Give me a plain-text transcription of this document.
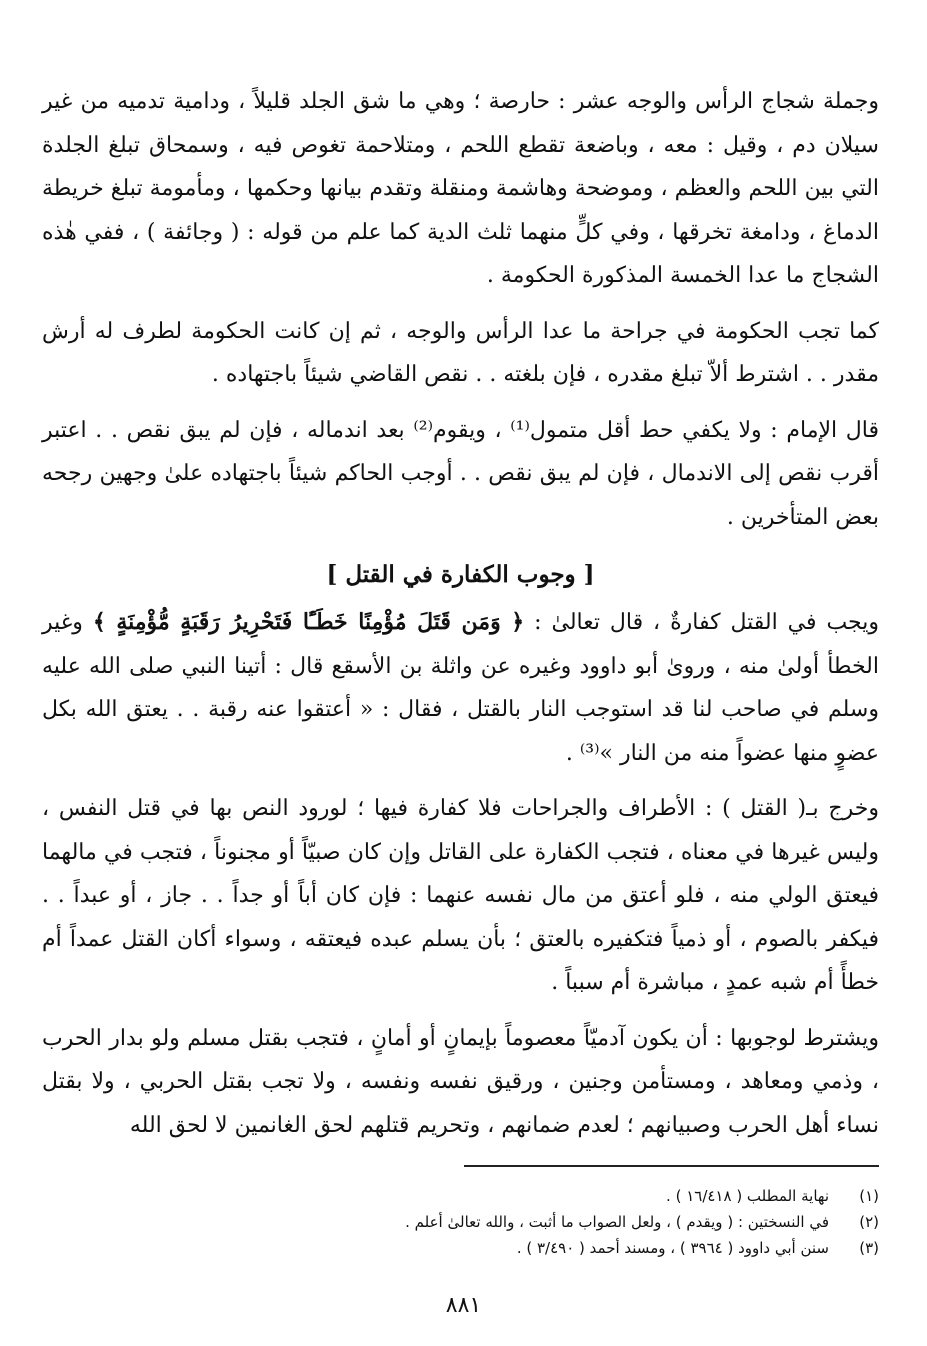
وجملة شجاج الرأس والوجه عشر : حارصة ؛ وهي ما شق الجلد قليلاً ، ودامية تدميه من غير سيلان دم ، وقيل : معه ، وباضعة تقطع اللحم ، ومتلاحمة تغوص فيه ، وسمحاق تبلغ الجلدة التي بين اللحم والعظم ، وموضحة وهاشمة ومنقلة وتقدم بيانها وحكمها ، ومأمومة تبلغ خريطة الدماغ ، ودامغة تخرقها ، وفي كلٍّ منهما ثلث الدية كما علم من قوله : ( وجائفة ) ، ففي هٰذه الشجاج ما عدا الخمسة المذكورة الحكومة .

كما تجب الحكومة في جراحة ما عدا الرأس والوجه ، ثم إن كانت الحكومة لطرف له أرش مقدر . . اشترط ألاّ تبلغ مقدره ، فإن بلغته . . نقص القاضي شيئاً باجتهاده .

قال الإمام : ولا يكفي حط أقل متمول⁽¹⁾ ، ويقوم⁽²⁾ بعد اندماله ، فإن لم يبق نقص . . اعتبر أقرب نقص إلى الاندمال ، فإن لم يبق نقص . . أوجب الحاكم شيئاً باجتهاده علىٰ وجهين رجحه بعض المتأخرين .

[ وجوب الكفارة في القتل ]

ويجب في القتل كفارةٌ ، قال تعالىٰ : ﴿ وَمَن قَتَلَ مُؤْمِنًا خَطَـًٔا فَتَحْرِيرُ رَقَبَةٍ مُّؤْمِنَةٍ ﴾ وغير الخطأ أولىٰ منه ، وروىٰ أبو داوود وغيره عن واثلة بن الأسقع قال : أتينا النبي صلى الله عليه وسلم في صاحب لنا قد استوجب النار بالقتل ، فقال : « أعتقوا عنه رقبة . . يعتق الله بكل عضوٍ منها عضواً منه من النار »⁽³⁾ .

وخرج بـ( القتل ) : الأطراف والجراحات فلا كفارة فيها ؛ لورود النص بها في قتل النفس ، وليس غيرها في معناه ، فتجب الكفارة على القاتل وإن كان صبيّاً أو مجنوناً ، فتجب في مالهما فيعتق الولي منه ، فلو أعتق من مال نفسه عنهما : فإن كان أباً أو جداً . . جاز ، أو عبداً . . فيكفر بالصوم ، أو ذمياً فتكفيره بالعتق ؛ بأن يسلم عبده فيعتقه ، وسواء أكان القتل عمداً أم خطأً أم شبه عمدٍ ، مباشرة أم سبباً .

ويشترط لوجوبها : أن يكون آدميّاً معصوماً بإيمانٍ أو أمانٍ ، فتجب بقتل مسلم ولو بدار الحرب ، وذمي ومعاهد ، ومستأمن وجنين ، ورقيق نفسه ونفسه ، ولا تجب بقتل الحربي ، ولا بقتل نساء أهل الحرب وصبيانهم ؛ لعدم ضمانهم ، وتحريم قتلهم لحق الغانمين لا لحق الله

(١)
نهاية المطلب ( ١٦/٤١٨ ) .
(٢)
في النسختين : ( ويقدم ) ، ولعل الصواب ما أثبت ، والله تعالىٰ أعلم .
(٣)
سنن أبي داوود ( ٣٩٦٤ ) ، ومسند أحمد ( ٣/٤٩٠ ) .
٨٨١
